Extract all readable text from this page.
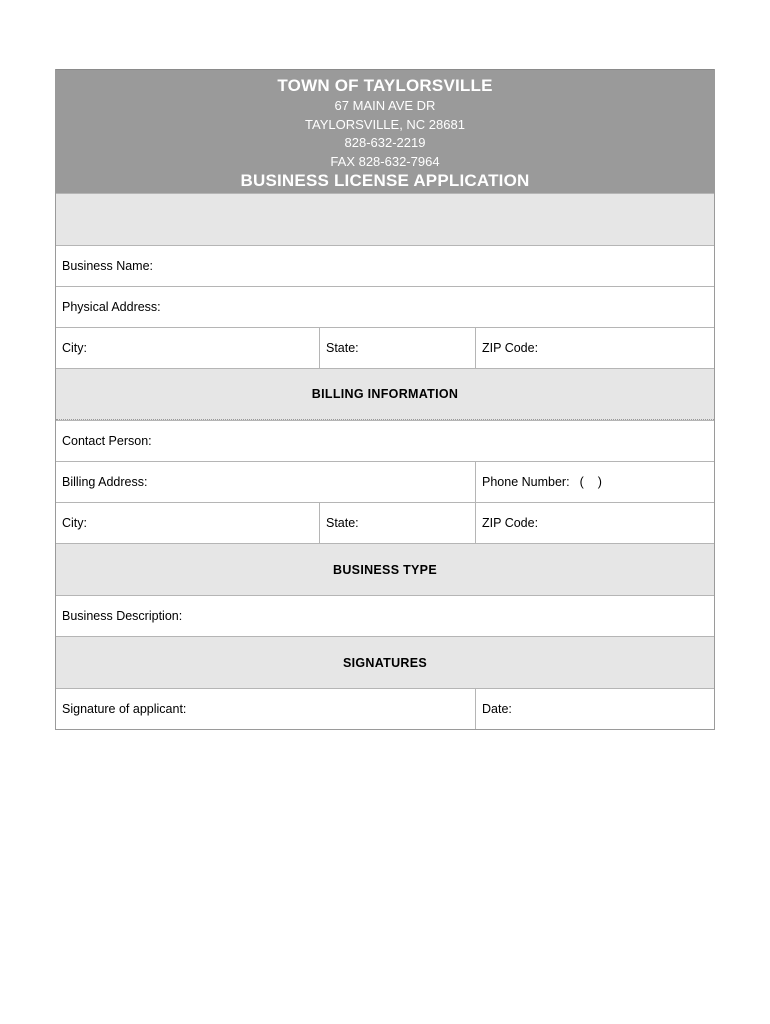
TOWN OF TAYLORSVILLE
67 MAIN AVE DR
TAYLORSVILLE, NC 28681
828-632-2219
FAX 828-632-7964
BUSINESS LICENSE APPLICATION
Business Name:
Physical Address:
City:	State:	ZIP Code:
BILLING INFORMATION
Contact Person:
Billing Address:	Phone Number: ( )
City:	State:	ZIP Code:
BUSINESS TYPE
Business Description:
SIGNATURES
Signature of applicant:	Date:
